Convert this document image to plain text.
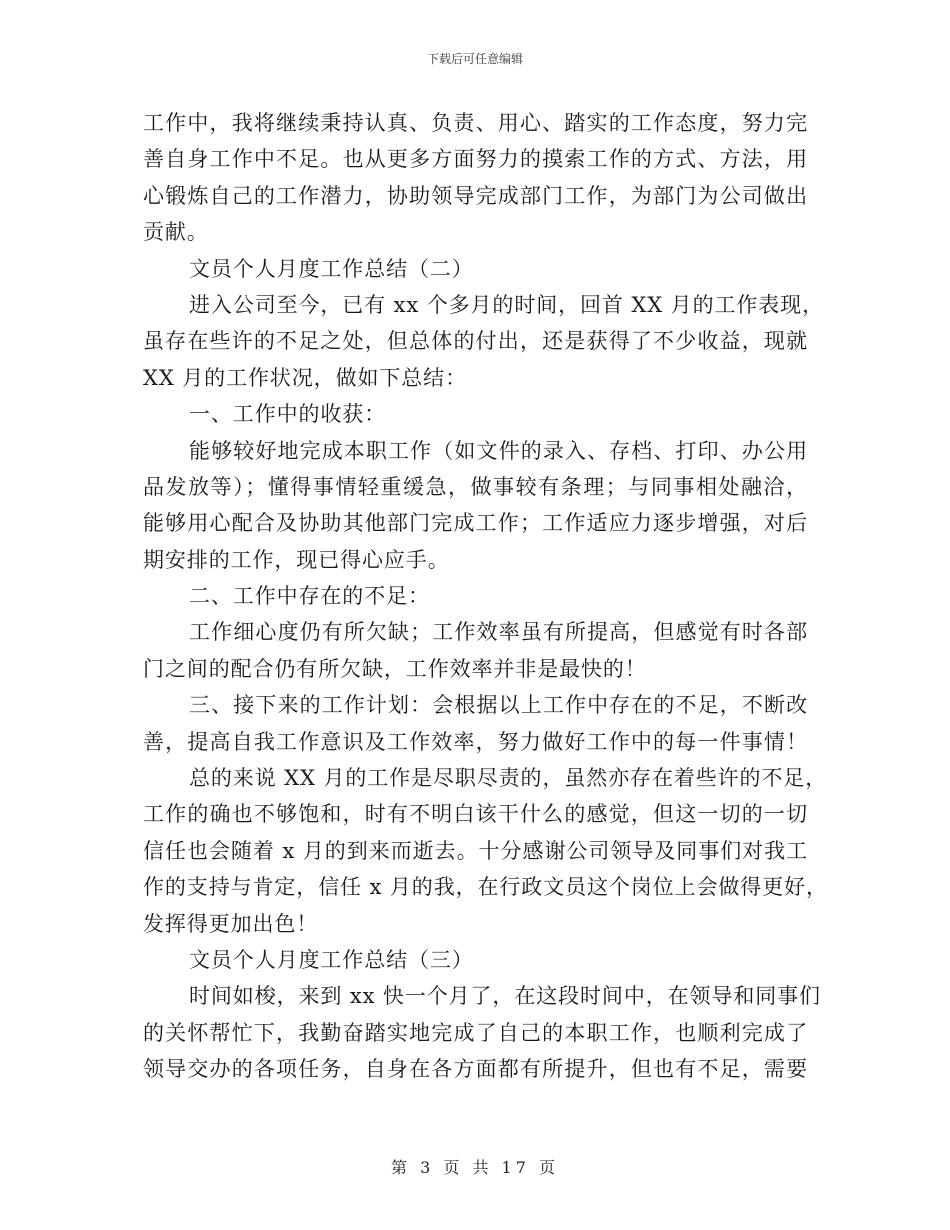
下载后可任意编辑
工作中，我将继续秉持认真、负责、用心、踏实的工作态度，努力完
善自身工作中不足。也从更多方面努力的摸索工作的方式、方法，用
心锻炼自己的工作潜力，协助领导完成部门工作，为部门为公司做出
贡献。
文员个人月度工作总结（二）
进入公司至今，已有 xx 个多月的时间，回首 XX 月的工作表现，
虽存在些许的不足之处，但总体的付出，还是获得了不少收益，现就
XX 月的工作状况，做如下总结：
一、工作中的收获：
能够较好地完成本职工作（如文件的录入、存档、打印、办公用
品发放等）；懂得事情轻重缓急，做事较有条理；与同事相处融洽，
能够用心配合及协助其他部门完成工作；工作适应力逐步增强，对后
期安排的工作，现已得心应手。
二、工作中存在的不足：
工作细心度仍有所欠缺；工作效率虽有所提高，但感觉有时各部
门之间的配合仍有所欠缺，工作效率并非是最快的！
三、接下来的工作计划：会根据以上工作中存在的不足，不断改
善，提高自我工作意识及工作效率，努力做好工作中的每一件事情！
总的来说 XX 月的工作是尽职尽责的，虽然亦存在着些许的不足，
工作的确也不够饱和，时有不明白该干什么的感觉，但这一切的一切
信任也会随着 x 月的到来而逝去。十分感谢公司领导及同事们对我工
作的支持与肯定，信任 x 月的我，在行政文员这个岗位上会做得更好，
发挥得更加出色！
文员个人月度工作总结（三）
时间如梭，来到 xx 快一个月了，在这段时间中，在领导和同事们
的关怀帮忙下，我勤奋踏实地完成了自己的本职工作，也顺利完成了
领导交办的各项任务，自身在各方面都有所提升，但也有不足，需要
第 3 页 共 17 页
